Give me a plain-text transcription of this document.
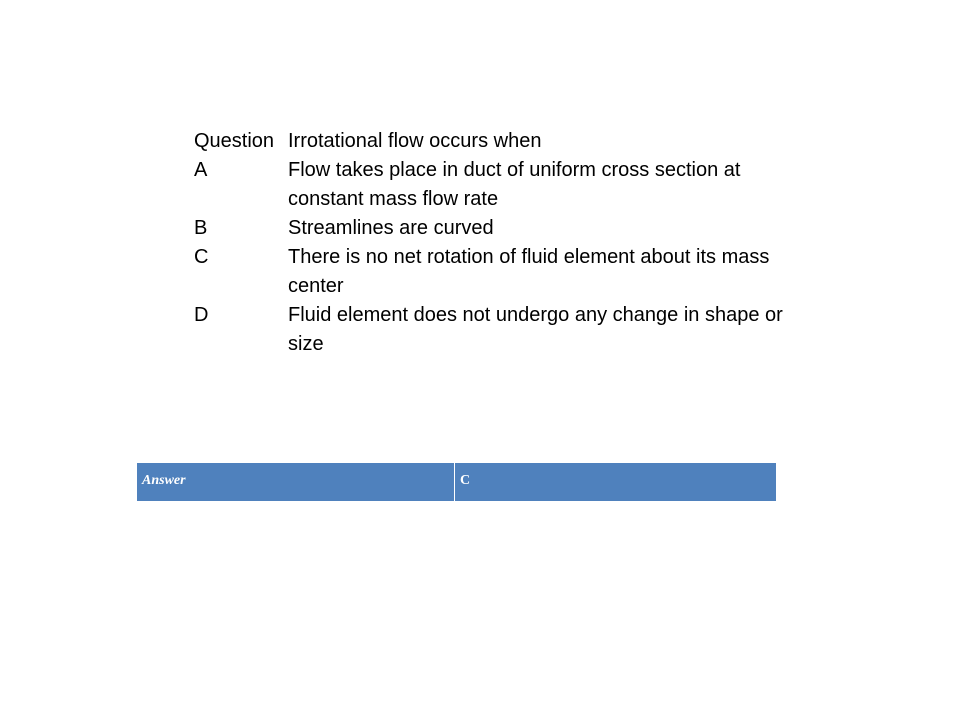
Question Irrotational flow occurs when
A	Flow takes place in duct of uniform cross section at constant mass flow rate
B	Streamlines are curved
C	There is no net rotation of fluid element about its mass center
D	Fluid element does not undergo any change in shape or size
Answer	C
